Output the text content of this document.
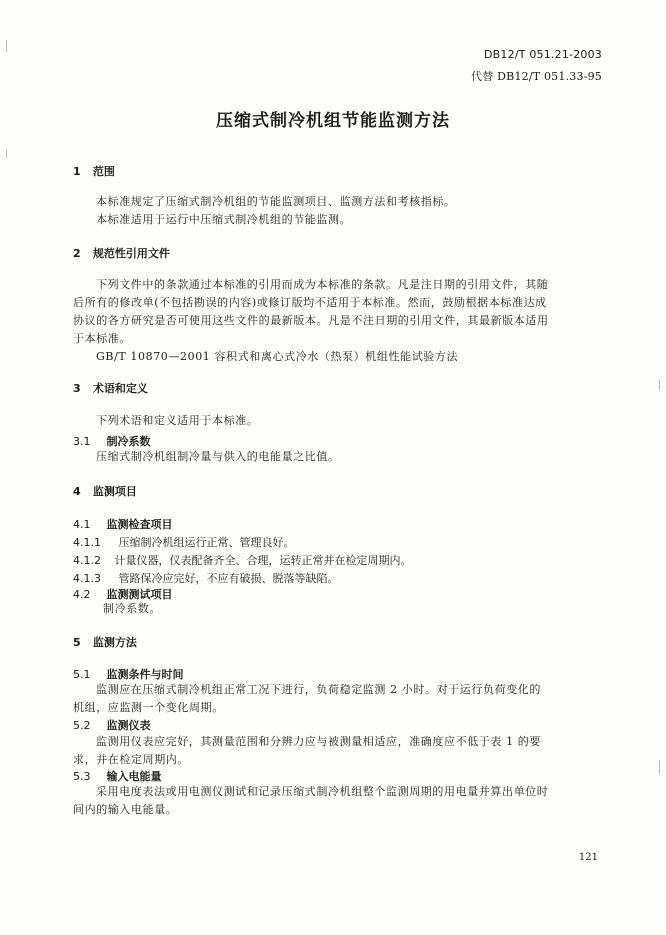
DB12/T 051.21-2003
代替 DB12/T 051.33-95
压缩式制冷机组节能监测方法
1 范围
本标准规定了压缩式制冷机组的节能监测项目、监测方法和考核指标。
本标准适用于运行中压缩式制冷机组的节能监测。
2 规范性引用文件
下列文件中的条款通过本标准的引用而成为本标准的条款。凡是注日期的引用文件，其随
后所有的修改单(不包括勘误的内容)或修订版均不适用于本标准。然而，鼓励根据本标准达成
协议的各方研究是否可使用这些文件的最新版本。凡是不注日期的引用文件，其最新版本适用
于本标准。
GB/T 10870—2001 容积式和离心式冷水（热泵）机组性能试验方法
3 术语和定义
下列术语和定义适用于本标准。
3.1 制冷系数
压缩式制冷机组制冷量与供入的电能量之比值。
4 监测项目
4.1 监测检查项目
4.1.1 压缩制冷机组运行正常、管理良好。
4.1.2 计量仪器，仪表配备齐全、合理，运转正常并在检定周期内。
4.1.3 管路保冷应完好，不应有破损、脱落等缺陷。
4.2 监测测试项目
制冷系数。
5 监测方法
5.1 监测条件与时间
监测应在压缩式制冷机组正常工况下进行，负荷稳定监测 2 小时。对于运行负荷变化的
机组，应监测一个变化周期。
5.2 监测仪表
监测用仪表应完好，其测量范围和分辨力应与被测量相适应，准确度应不低于表 1 的要
求，并在检定周期内。
5.3 输入电能量
采用电度表法或用电测仪测试和记录压缩式制冷机组整个监测周期的用电量并算出单位时
间内的输入电能量。
121
